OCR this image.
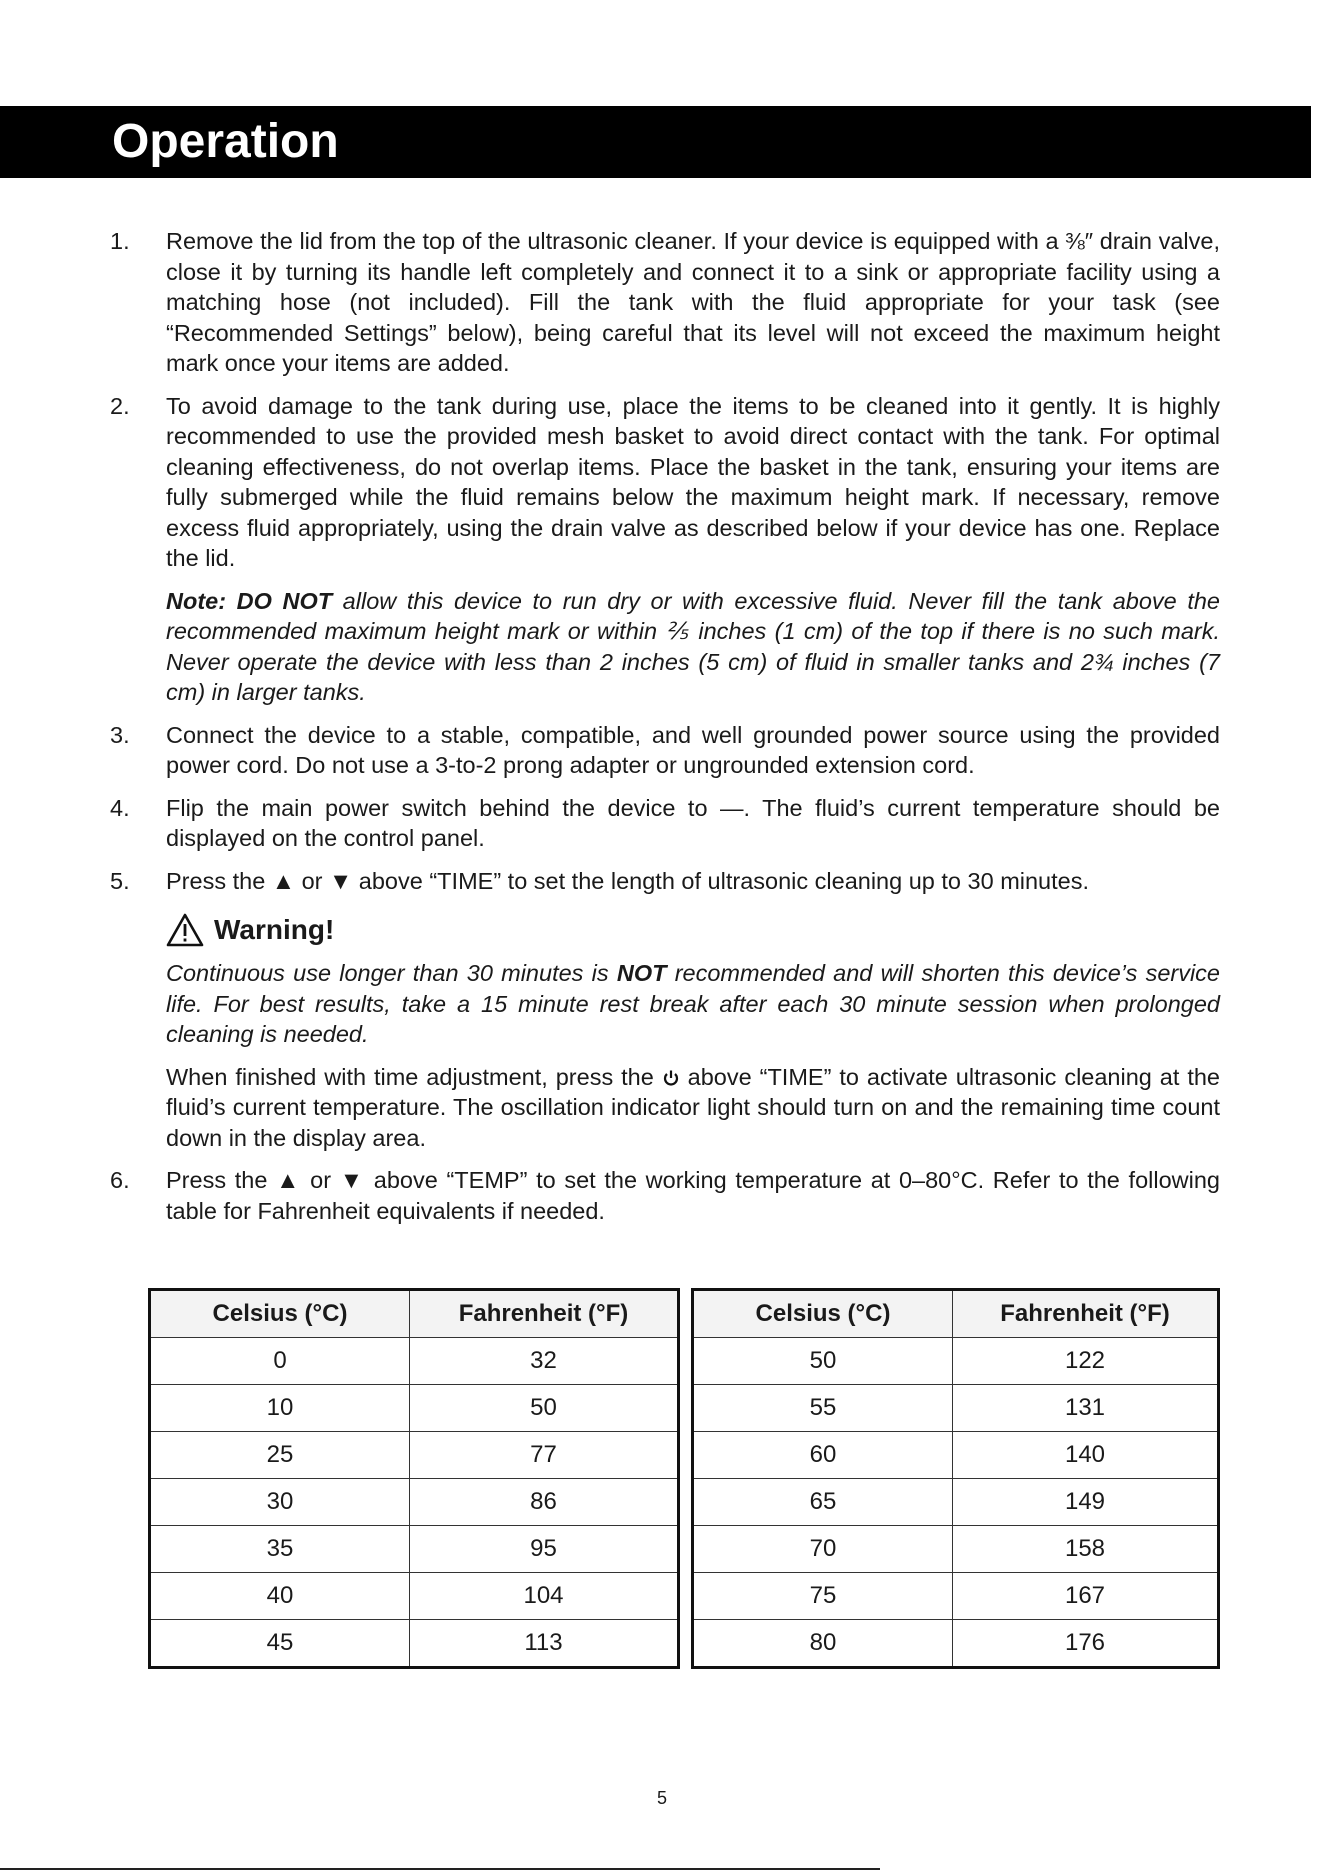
Operation
1. Remove the lid from the top of the ultrasonic cleaner. If your device is equipped with a ⅜″ drain valve, close it by turning its handle left completely and connect it to a sink or appropriate facility using a matching hose (not included). Fill the tank with the fluid appropriate for your task (see “Recommended Settings” below), being careful that its level will not exceed the maximum height mark once your items are added.
2. To avoid damage to the tank during use, place the items to be cleaned into it gently. It is highly recommended to use the provided mesh basket to avoid direct contact with the tank. For optimal cleaning effectiveness, do not overlap items. Place the basket in the tank, ensuring your items are fully submerged while the fluid remains below the maximum height mark. If necessary, remove excess fluid appropriately, using the drain valve as described below if your device has one. Replace the lid.
Note: DO NOT allow this device to run dry or with excessive fluid. Never fill the tank above the recommended maximum height mark or within ⅖ inches (1 cm) of the top if there is no such mark. Never operate the device with less than 2 inches (5 cm) of fluid in smaller tanks and 2¾ inches (7 cm) in larger tanks.
3. Connect the device to a stable, compatible, and well grounded power source using the provided power cord. Do not use a 3-to-2 prong adapter or ungrounded extension cord.
4. Flip the main power switch behind the device to —. The fluid’s current temperature should be displayed on the control panel.
5. Press the ▲ or ▼ above “TIME” to set the length of ultrasonic cleaning up to 30 minutes.
Warning!
Continuous use longer than 30 minutes is NOT recommended and will shorten this device’s service life. For best results, take a 15 minute rest break after each 30 minute session when prolonged cleaning is needed.
When finished with time adjustment, press the  above “TIME” to activate ultrasonic cleaning at the fluid’s current temperature. The oscillation indicator light should turn on and the remaining time count down in the display area.
6. Press the ▲ or ▼ above “TEMP” to set the working temperature at 0–80°C. Refer to the following table for Fahrenheit equivalents if needed.
Celsius (°C)	Fahrenheit (°F)
0	32
10	50
25	77
30	86
35	95
40	104
45	113
Celsius (°C)	Fahrenheit (°F)
50	122
55	131
60	140
65	149
70	158
75	167
80	176
5
